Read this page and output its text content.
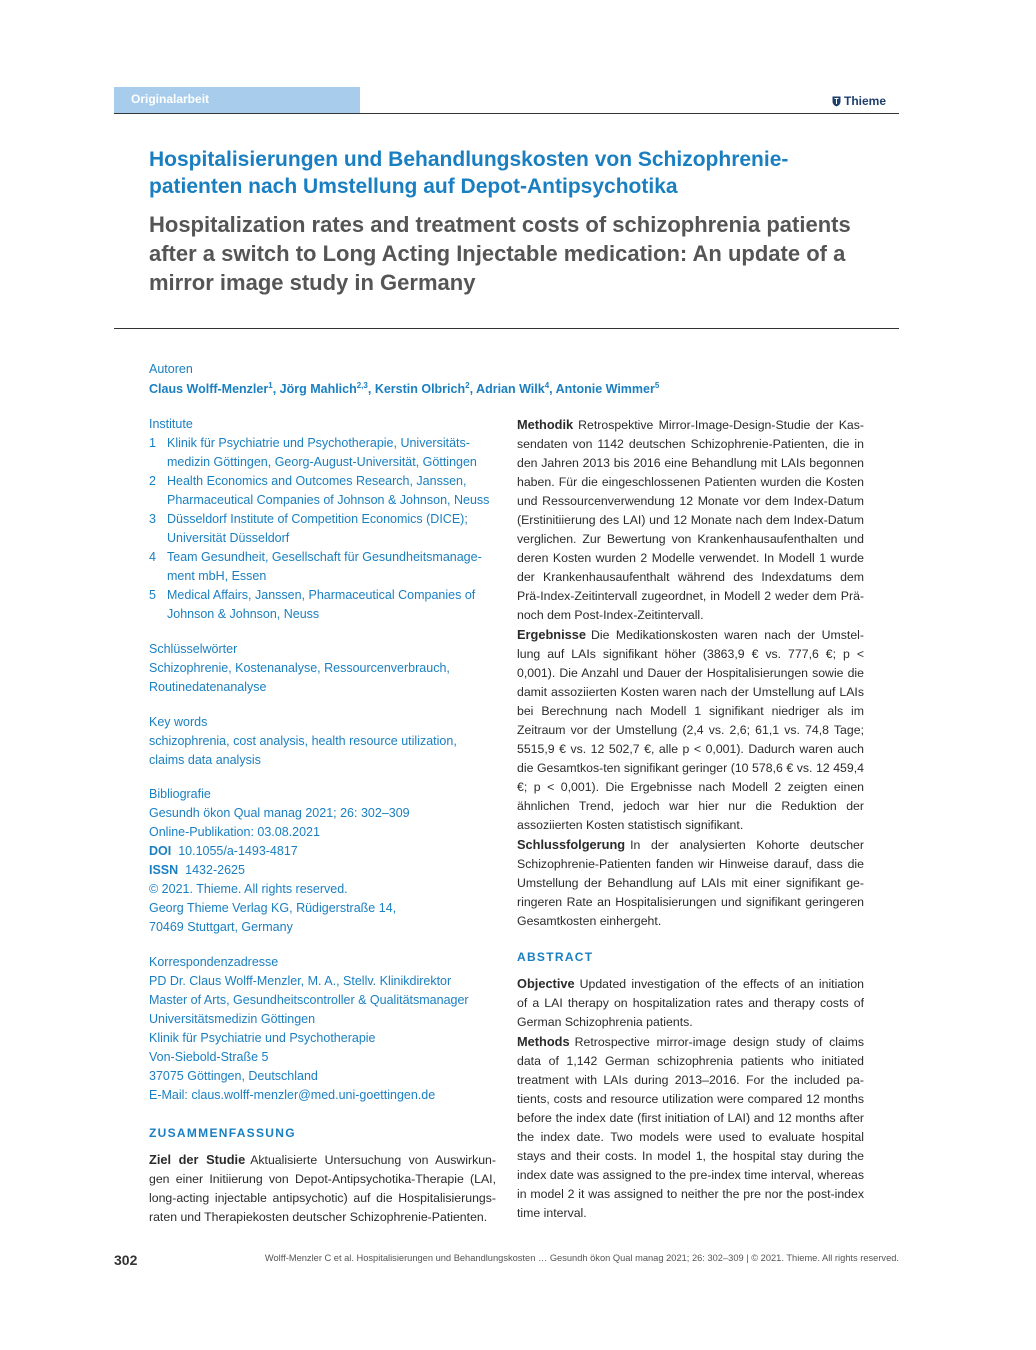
Originalarbeit	Thieme
Hospitalisierungen und Behandlungskosten von Schizophrenie-patienten nach Umstellung auf Depot-Antipsychotika
Hospitalization rates and treatment costs of schizophrenia patients after a switch to Long Acting Injectable medication: An update of a mirror image study in Germany
Autoren
Claus Wolff-Menzler$^1$, Jörg Mahlich$^{2,3}$, Kerstin Olbrich$^2$, Adrian Wilk$^4$, Antonie Wimmer$^5$
Institute
1 Klinik für Psychiatrie und Psychotherapie, Universitäts-medizin Göttingen, Georg-August-Universität, Göttingen
2 Health Economics and Outcomes Research, Janssen, Pharmaceutical Companies of Johnson & Johnson, Neuss
3 Düsseldorf Institute of Competition Economics (DICE); Universität Düsseldorf
4 Team Gesundheit, Gesellschaft für Gesundheitsmanage-ment mbH, Essen
5 Medical Affairs, Janssen, Pharmaceutical Companies of Johnson & Johnson, Neuss
Schlüsselwörter
Schizophrenie, Kostenanalyse, Ressourcenverbrauch, Routinedatenanalyse
Key words
schizophrenia, cost analysis, health resource utilization, claims data analysis
Bibliografie
Gesundh ökon Qual manag 2021; 26: 302–309
Online-Publikation: 03.08.2021
DOI 10.1055/a-1493-4817
ISSN 1432-2625
© 2021. Thieme. All rights reserved.
Georg Thieme Verlag KG, Rüdigerstraße 14,
70469 Stuttgart, Germany
Korrespondenzadresse
PD Dr. Claus Wolff-Menzler, M. A., Stellv. Klinikdirektor
Master of Arts, Gesundheitscontroller & Qualitätsmanager
Universitätsmedizin Göttingen
Klinik für Psychiatrie und Psychotherapie
Von-Siebold-Straße 5
37075 Göttingen, Deutschland
E-Mail: claus.wolff-menzler@med.uni-goettingen.de
ZUSAMMENFASSUNG

Ziel der Studie Aktualisierte Untersuchung von Auswirkun-gen einer Initiierung von Depot-Antipsychotika-Therapie (LAI, long-acting injectable antipsychotic) auf die Hospitalisierungs-raten und Therapiekosten deutscher Schizophrenie-Patienten.

Methodik Retrospektive Mirror-Image-Design-Studie der Kas-sendaten von 1142 deutschen Schizophrenie-Patienten, die in den Jahren 2013 bis 2016 eine Behandlung mit LAIs begonnen haben. Für die eingeschlossenen Patienten wurden die Kosten und Ressourcenverwendung 12 Monate vor dem Index-Datum (Erstinitiierung des LAI) und 12 Monate nach dem Index-Datum verglichen. Zur Bewertung von Krankenhausaufenthalten und deren Kosten wurden 2 Modelle verwendet. In Modell 1 wurde der Krankenhausaufenthalt während des Indexdatums dem Prä-Index-Zeitintervall zugeordnet, in Modell 2 weder dem Prä- noch dem Post-Index-Zeitintervall.

Ergebnisse Die Medikationskosten waren nach der Umstel-lung auf LAIs signifikant höher (3863,9 € vs. 777,6 €; p < 0,001). Die Anzahl und Dauer der Hospitalisierungen sowie die damit assoziierten Kosten waren nach der Umstellung auf LAIs bei Berechnung nach Modell 1 signifikant niedriger als im Zeitraum vor der Umstellung (2,4 vs. 2,6; 61,1 vs. 74,8 Tage; 5515,9 € vs. 12 502,7 €, alle p < 0,001). Dadurch waren auch die Gesamtkos-ten signifikant geringer (10 578,6 € vs. 12 459,4 €; p < 0,001). Die Ergebnisse nach Modell 2 zeigten einen ähnlichen Trend, jedoch war hier nur die Reduktion der assoziierten Kosten statistisch signifikant.

Schlussfolgerung In der analysierten Kohorte deutscher Schizophrenie-Patienten fanden wir Hinweise darauf, dass die Umstellung der Behandlung auf LAIs mit einer signifikant ge-ringeren Rate an Hospitalisierungen und signifikant geringeren Gesamtkosten einhergeht.

ABSTRACT

Objective Updated investigation of the effects of an initiation of a LAI therapy on hospitalization rates and therapy costs of German Schizophrenia patients.

Methods Retrospective mirror-image design study of claims data of 1,142 German schizophrenia patients who initiated treatment with LAIs during 2013–2016. For the included pa-tients, costs and resource utilization were compared 12 months before the index date (first initiation of LAI) and 12 months after the index date. Two models were used to evaluate hospital stays and their costs. In model 1, the hospital stay during the index date was assigned to the pre-index time interval, whereas in model 2 it was assigned to neither the pre nor the post-index time interval.

302	Wolff-Menzler C et al. Hospitalisierungen und Behandlungskosten … Gesundh ökon Qual manag 2021; 26: 302–309 | © 2021. Thieme. All rights reserved.
